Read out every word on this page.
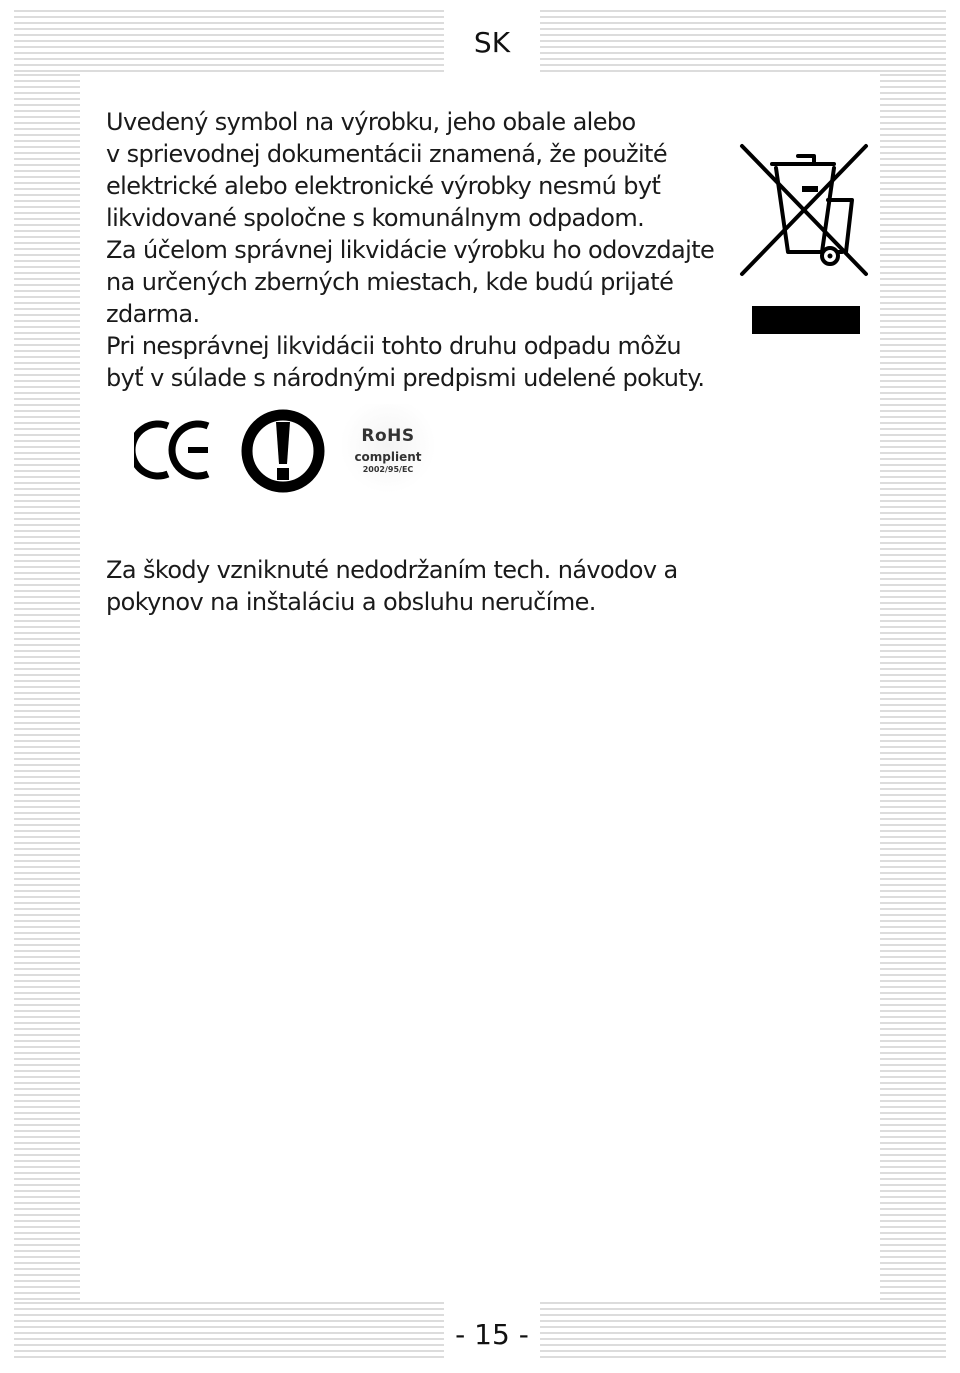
SK

Uvedený symbol na výrobku, jeho obale alebo

v sprievodnej dokumentácii znamená, že použité

elektrické alebo elektronické výrobky nesmú byť

likvidované spoločne s komunálnym odpadom.

Za účelom správnej likvidácie výrobku ho odovzdajte

na určených zberných miestach, kde budú prijaté

zdarma.

Pri nesprávnej likvidácii tohto druhu odpadu môžu

byť v súlade s národnými predpismi udelené pokuty.

RoHS
complient
2002/95/EC

Za škody vzniknuté nedodržaním tech. návodov a

pokynov na inštaláciu a obsluhu neručíme.

- 15 -
